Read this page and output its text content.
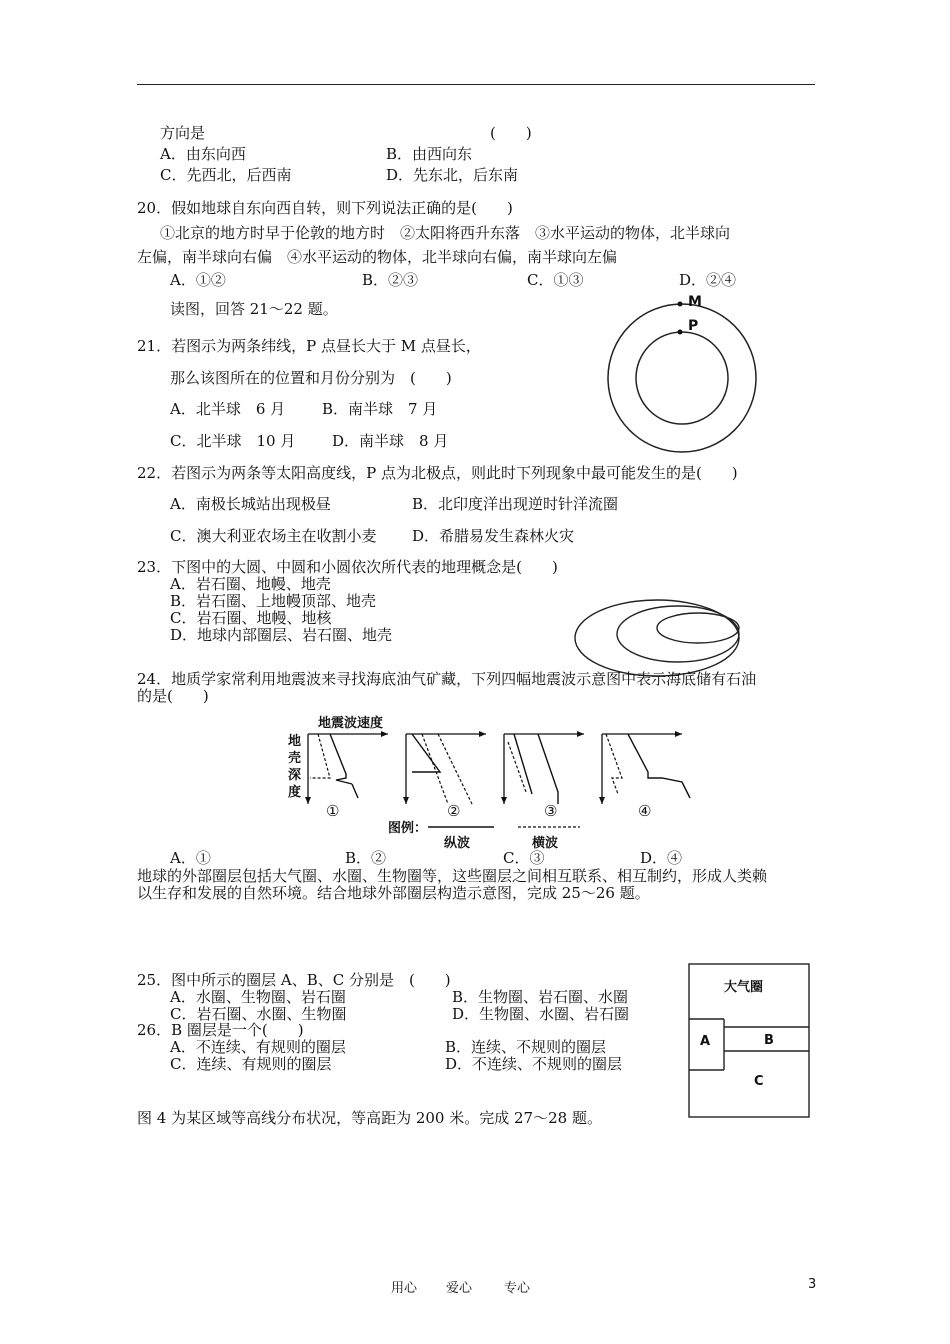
方向是	(　　)
A．由东向西	B．由西向东
C．先西北，后西南	D．先东北，后东南
20．假如地球自东向西自转，则下列说法正确的是(　　)
①北京的地方时早于伦敦的地方时　②太阳将西升东落　③水平运动的物体，北半球向
左偏，南半球向右偏　④水平运动的物体，北半球向右偏，南半球向左偏
A．①②	B．②③	C．①③	D．②④
读图，回答 21～22 题。
21．若图示为两条纬线，P 点昼长大于 M 点昼长，
那么该图所在的位置和月份分别为　(　　)
A．北半球　6 月 B．南半球　7 月
C．北半球　10 月 D．南半球　8 月
M
P
22．若图示为两条等太阳高度线，P 点为北极点，则此时下列现象中最可能发生的是(　　)
A．南极长城站出现极昼	B．北印度洋出现逆时针洋流圈
C．澳大利亚农场主在收割小麦 D．希腊易发生森林火灾
23．下图中的大圆、中圆和小圆依次所代表的地理概念是(　　)
A．岩石圈、地幔、地壳
B．岩石圈、上地幔顶部、地壳
C．岩石圈、地幔、地核
D．地球内部圈层、岩石圈、地壳
24．地质学家常利用地震波来寻找海底油气矿藏，下列四幅地震波示意图中表示海底储有石油
的是(　　)
地震波速度
地
壳
深
度
①	②	③	④
图例：
纵波	横波
A．①	B．②	C．③	D．④
地球的外部圈层包括大气圈、水圈、生物圈等，这些圈层之间相互联系、相互制约，形成人类赖
以生存和发展的自然环境。结合地球外部圈层构造示意图，完成 25～26 题。
25．图中所示的圈层 A、B、C 分别是　(　　)
A．水圈、生物圈、岩石圈	B．生物圈、岩石圈、水圈
C．岩石圈、水圈、生物圈	D．生物圈、水圈、岩石圈
26．B 圈层是一个(　　)
A．不连续、有规则的圈层	B．连续、不规则的圈层
C．连续、有规则的圈层	D．不连续、不规则的圈层
大气圈
A	B
C
图 4 为某区域等高线分布状况，等高距为 200 米。完成 27～28 题。
用心 爱心 专心	3
